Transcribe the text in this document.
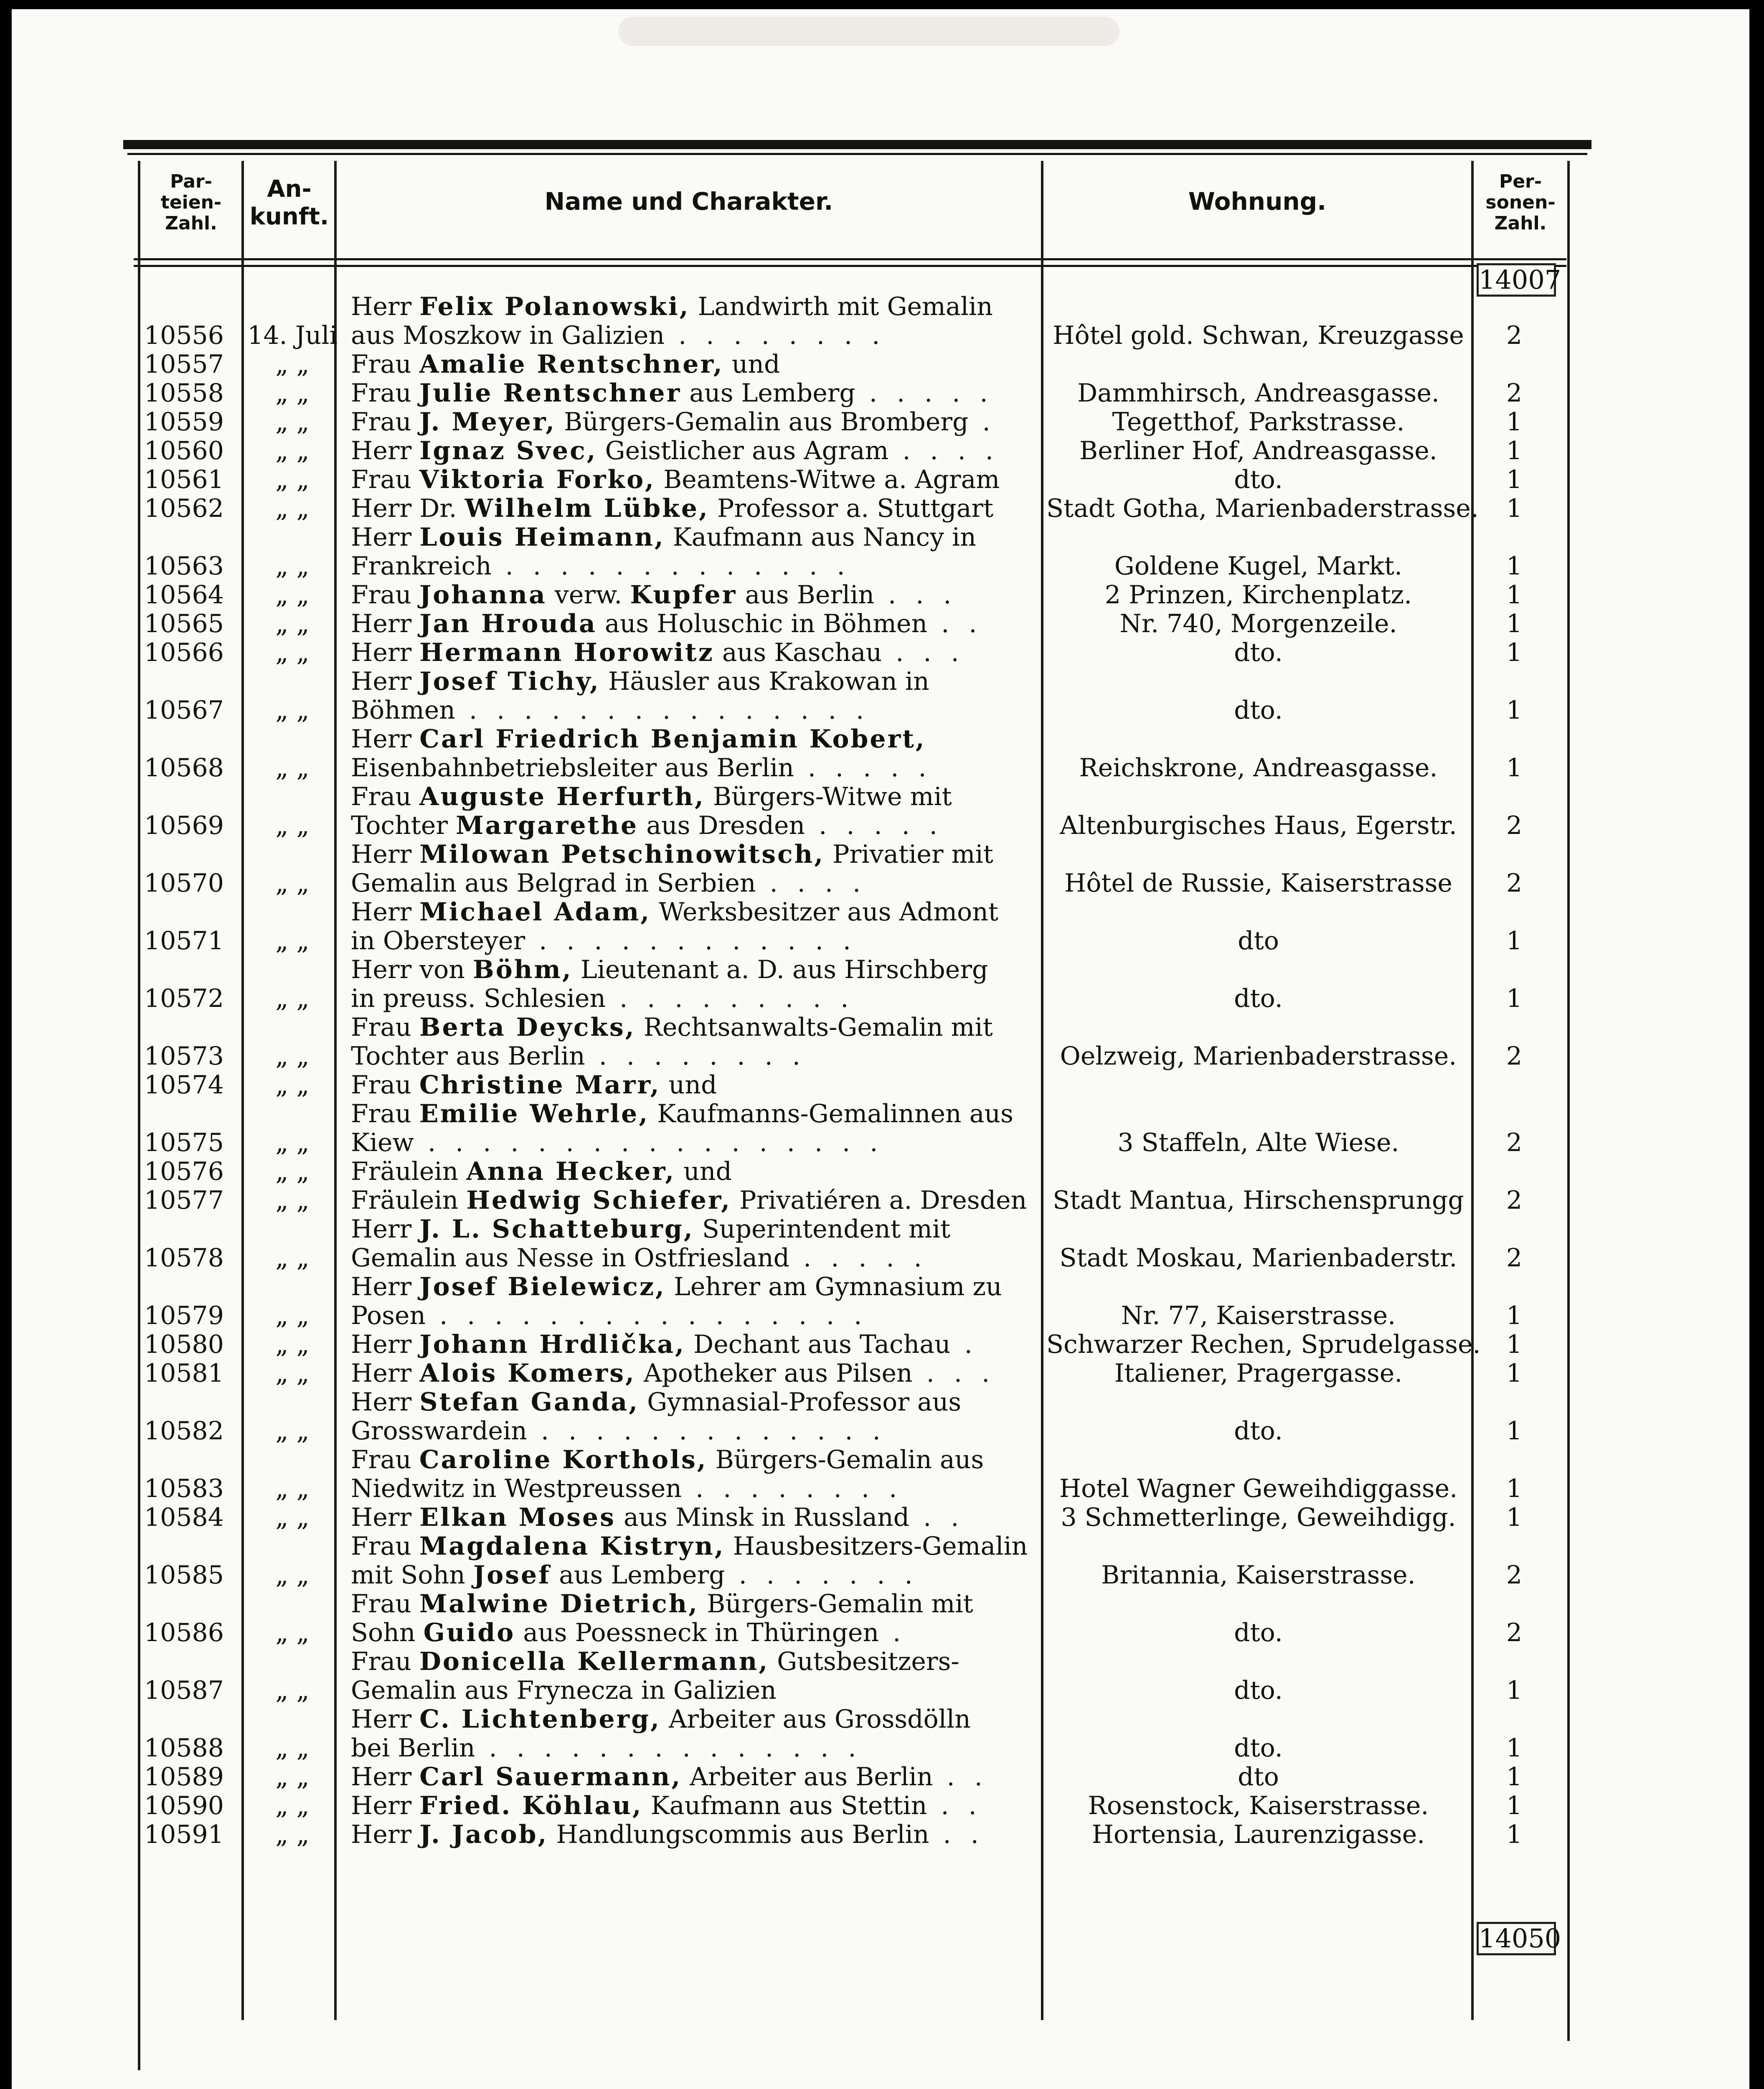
Par-
teien-
Zahl.
An-
kunft.
Name und Charakter.	Wohnung.
Per-
sonen-
Zahl.
14007
10556 14. Juli
Herr Felix Polanowski, Landwirth mit Gemalin
aus Moszkow in Galizien . . . . . . . .	Hôtel gold. Schwan, Kreuzgasse	2
10557	„ „	Frau Amalie Rentschner, und
10558	„ „	Frau Julie Rentschner aus Lemberg . . . . .	Dammhirsch, Andreasgasse.	2
10559	„ „	Frau J. Meyer, Bürgers-Gemalin aus Bromberg .	Tegetthof, Parkstrasse.	1
10560	„ „	Herr Ignaz Svec, Geistlicher aus Agram . . . .	Berliner Hof, Andreasgasse.	1
10561	„ „	Frau Viktoria Forko, Beamtens-Witwe a. Agram	dto.	1
10562	„ „	Herr Dr. Wilhelm Lübke, Professor a. Stuttgart	Stadt Gotha, Marienbaderstrasse.	1
10563	„ „
Herr Louis Heimann, Kaufmann aus Nancy in
Frankreich . . . . . . . . . . . . .	Goldene Kugel, Markt.	1
10564	„ „	Frau Johanna verw. Kupfer aus Berlin . . .	2 Prinzen, Kirchenplatz.	1
10565	„ „	Herr Jan Hrouda aus Holuschic in Böhmen . .	Nr. 740, Morgenzeile.	1
10566	„ „	Herr Hermann Horowitz aus Kaschau . . .	dto.	1
10567	„ „
Herr Josef Tichy, Häusler aus Krakowan in
Böhmen . . . . . . . . . . . . . . .	dto.	1
10568	„ „
Herr Carl Friedrich Benjamin Kobert,
Eisenbahnbetriebsleiter aus Berlin . . . . .	Reichskrone, Andreasgasse.	1
10569	„ „
Frau Auguste Herfurth, Bürgers-Witwe mit
Tochter Margarethe aus Dresden . . . . .	Altenburgisches Haus, Egerstr.	2
10570	„ „
Herr Milowan Petschinowitsch, Privatier mit
Gemalin aus Belgrad in Serbien . . . .	Hôtel de Russie, Kaiserstrasse	2
10571	„ „
Herr Michael Adam, Werksbesitzer aus Admont
in Obersteyer . . . . . . . . . . . .	dto	1
10572	„ „
Herr von Böhm, Lieutenant a. D. aus Hirschberg
in preuss. Schlesien . . . . . . . . .	dto.	1
10573	„ „
Frau Berta Deycks, Rechtsanwalts-Gemalin mit
Tochter aus Berlin . . . . . . . .	Oelzweig, Marienbaderstrasse.	2
10574	„ „	Frau Christine Marr, und
10575	„ „
Frau Emilie Wehrle, Kaufmanns-Gemalinnen aus
Kiew . . . . . . . . . . . . . . . . .	3 Staffeln, Alte Wiese.	2
10576	„ „	Fräulein Anna Hecker, und
10577	„ „	Fräulein Hedwig Schiefer, Privatiéren a. Dresden	Stadt Mantua, Hirschensprungg	2
10578	„ „
Herr J. L. Schatteburg, Superintendent mit
Gemalin aus Nesse in Ostfriesland . . . . .	Stadt Moskau, Marienbaderstr.	2
10579	„ „
Herr Josef Bielewicz, Lehrer am Gymnasium zu
Posen . . . . . . . . . . . . . . . .	Nr. 77, Kaiserstrasse.	1
10580	„ „	Herr Johann Hrdlička, Dechant aus Tachau .	Schwarzer Rechen, Sprudelgasse.	1
10581	„ „	Herr Alois Komers, Apotheker aus Pilsen . . .	Italiener, Pragergasse.	1
10582	„ „
Herr Stefan Ganda, Gymnasial-Professor aus
Grosswardein . . . . . . . . . . . . .	dto.	1
10583	„ „
Frau Caroline Korthols, Bürgers-Gemalin aus
Niedwitz in Westpreussen . . . . . . . .	Hotel Wagner Geweihdiggasse.	1
10584	„ „	Herr Elkan Moses aus Minsk in Russland . .	3 Schmetterlinge, Geweihdigg.	1
10585	„ „
Frau Magdalena Kistryn, Hausbesitzers-Gemalin
mit Sohn Josef aus Lemberg . . . . . . .	Britannia, Kaiserstrasse.	2
10586	„ „
Frau Malwine Dietrich, Bürgers-Gemalin mit
Sohn Guido aus Poessneck in Thüringen .	dto.	2
10587	„ „
Frau Donicella Kellermann, Gutsbesitzers-
Gemalin aus Frynecza in Galizien	dto.	1
10588	„ „
Herr C. Lichtenberg, Arbeiter aus Grossdölln
bei Berlin . . . . . . . . . . . . . .	dto.	1
10589	„ „	Herr Carl Sauermann, Arbeiter aus Berlin . .	dto	1
10590	„ „	Herr Fried. Köhlau, Kaufmann aus Stettin . .	Rosenstock, Kaiserstrasse.	1
10591	„ „	Herr J. Jacob, Handlungscommis aus Berlin . .	Hortensia, Laurenzigasse.	1
14050
